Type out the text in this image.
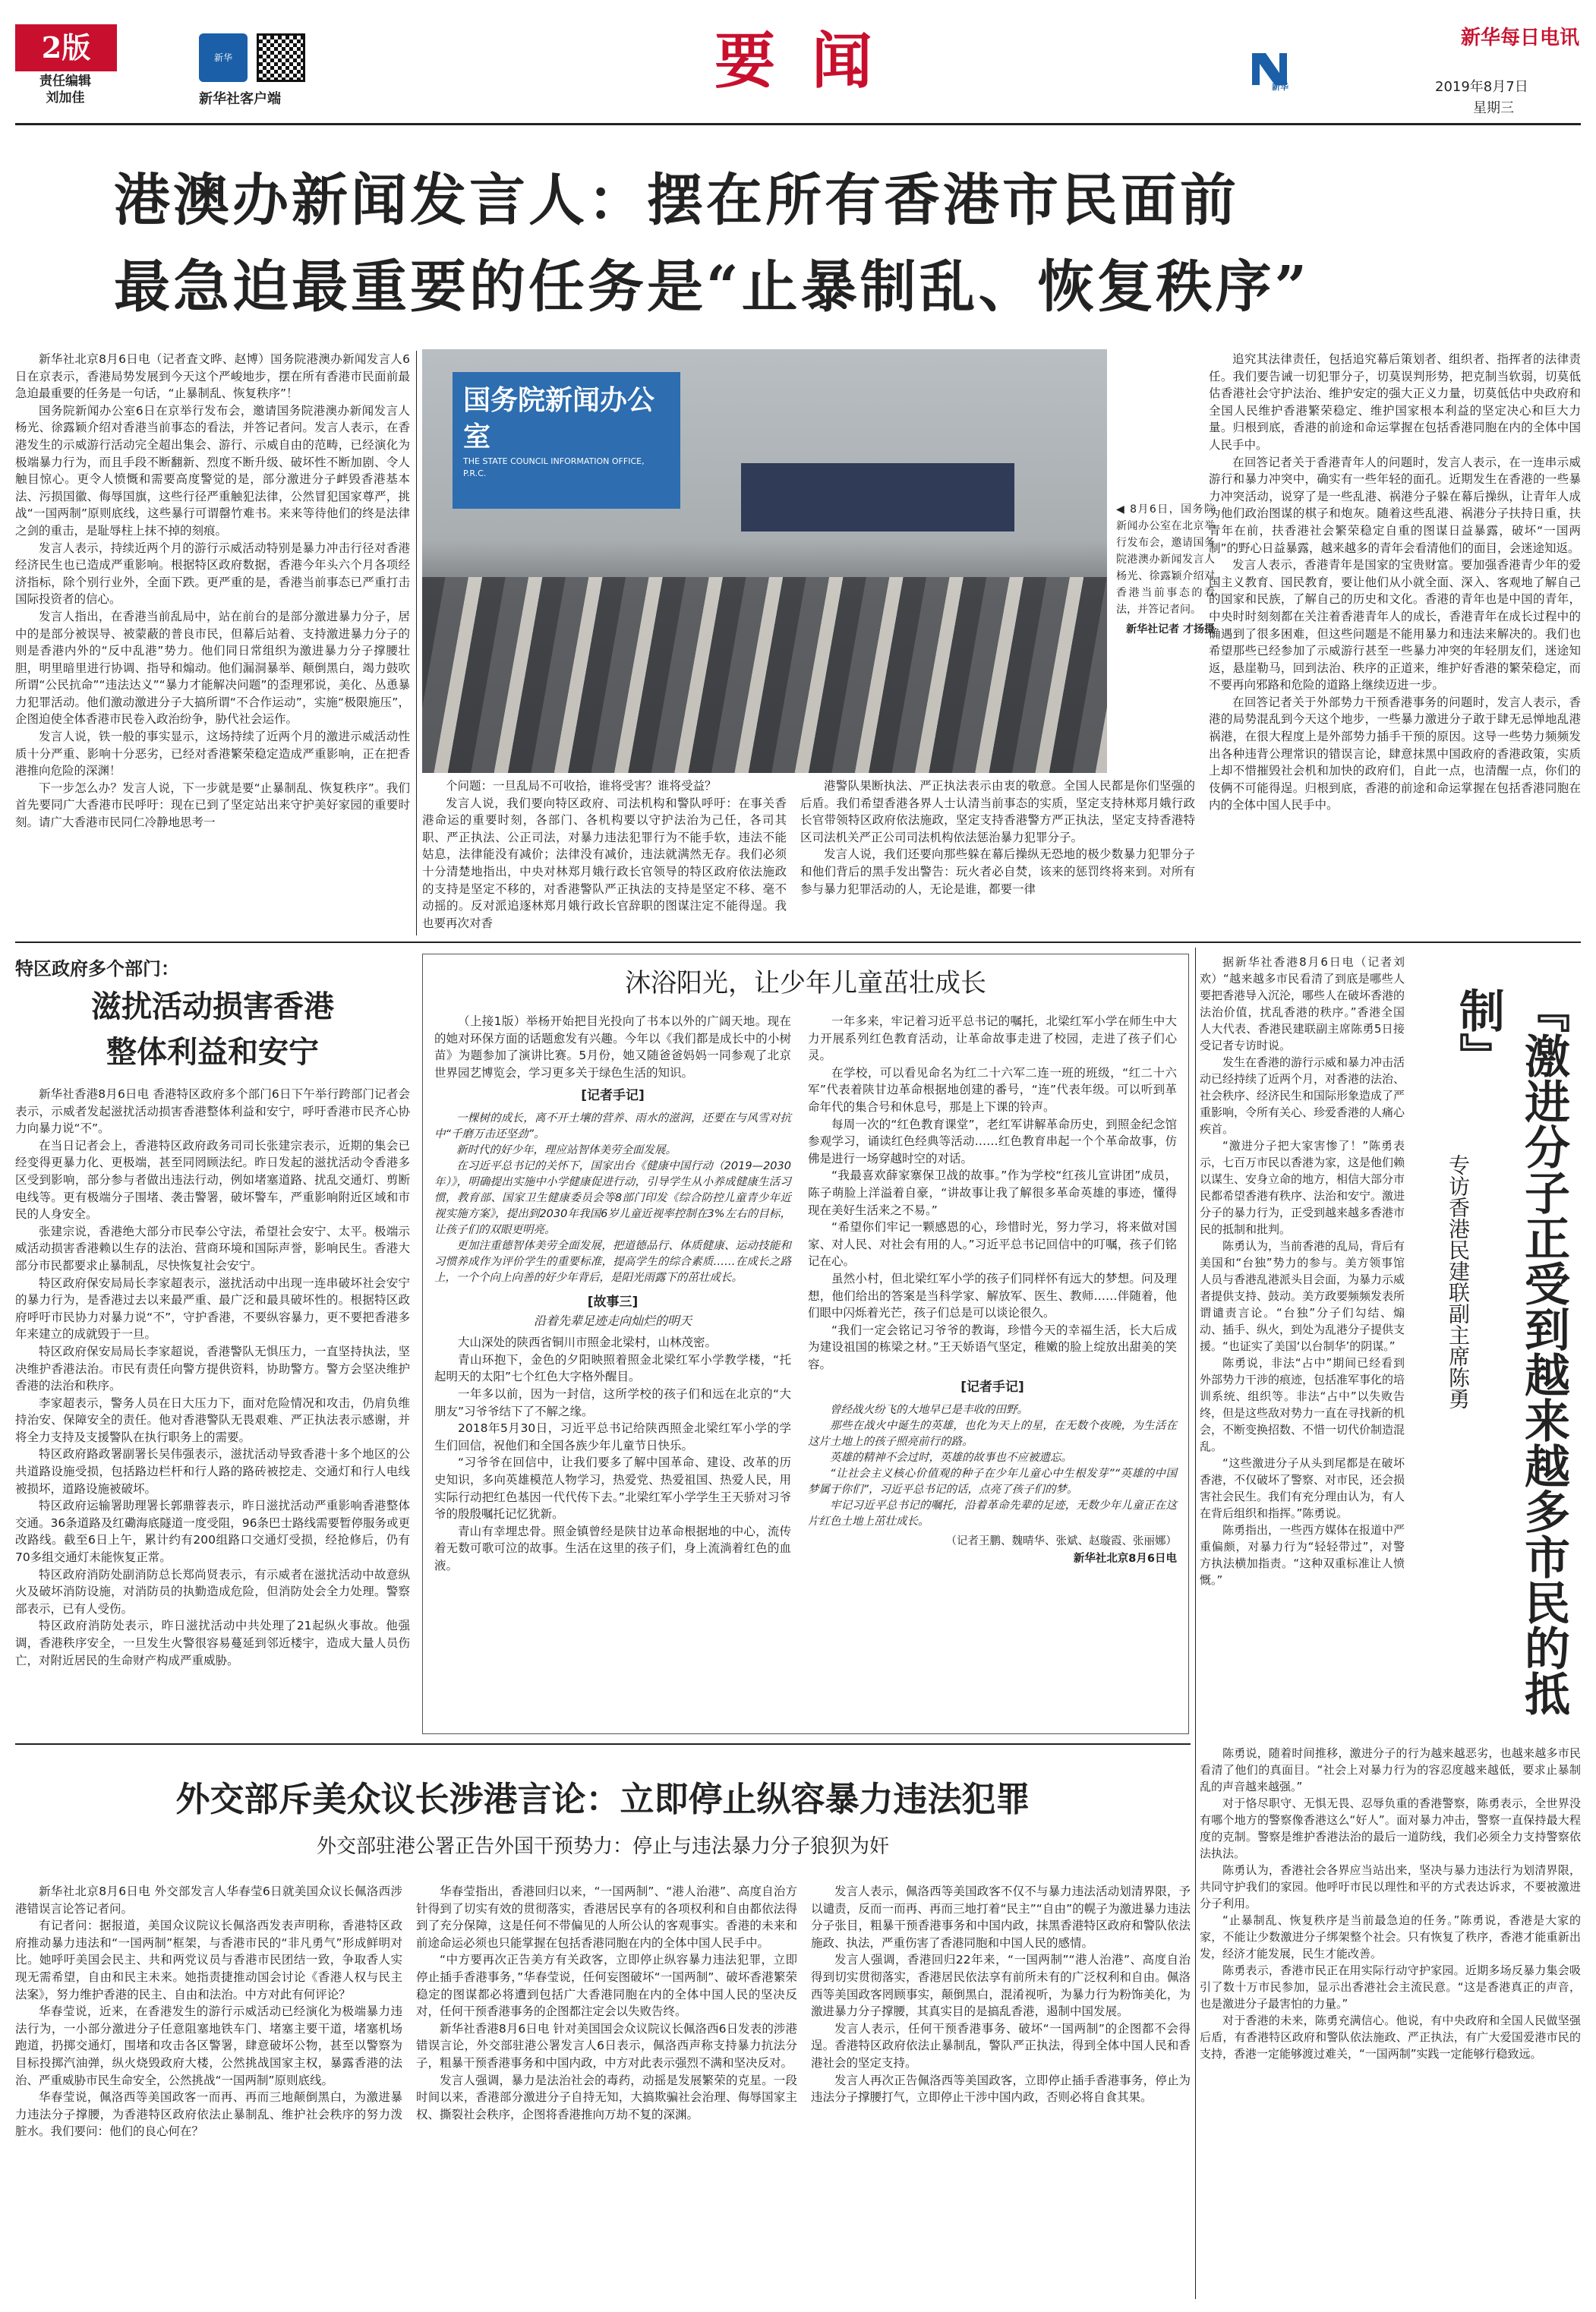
2版
责任编辑
刘加佳
新华
新华社客户端
要 闻	新华
新华每日电讯
2019年8月7日
星期三
港澳办新闻发言人：摆在所有香港市民面前
最急迫最重要的任务是“止暴制乱、恢复秩序”

新华社北京8月6日电（记者査文晔、赵博）国务院港澳办新闻发言人6日在京表示，香港局势发展到今天这个严峻地步，摆在所有香港市民面前最急迫最重要的任务是一句话，“止暴制乱、恢复秩序”！

国务院新闻办公室6日在京举行发布会，邀请国务院港澳办新闻发言人杨光、徐露颖介绍对香港当前事态的看法，并答记者问。发言人表示，在香港发生的示威游行活动完全超出集会、游行、示威自由的范畴，已经演化为极端暴力行为，而且手段不断翻新、烈度不断升级、破坏性不断加剧、令人触目惊心。更令人愤慨和需要高度警觉的是，部分激进分子衅毁香港基本法、污损国徽、侮辱国旗，这些行径严重触犯法律，公然冒犯国家尊严，挑战“一国两制”原则底线，这些暴行可谓罄竹难书。来来等待他们的终是法律之剑的重击，是耻辱柱上抹不掉的刻痕。

发言人表示，持续近两个月的游行示威活动特别是暴力冲击行径对香港经济民生也已造成严重影响。根据特区政府数据，香港今年头六个月各项经济指标，除个别行业外，全面下跌。更严重的是，香港当前事态已严重打击国际投资者的信心。

发言人指出，在香港当前乱局中，站在前台的是部分激进暴力分子，居中的是部分被误导、被蒙蔽的普良市民，但幕后站着、支持激进暴力分子的则是香港内外的“反中乱港”势力。他们同日常组织为激进暴力分子撑腰壮胆，明里暗里进行协调、指导和煽动。他们漏洞暴举、颠倒黑白，竭力鼓吹所谓“公民抗命”“违法达义”“暴力才能解决问题”的歪理邪说，美化、丛恿暴力犯罪活动。他们激动激进分子大搞所谓“不合作运动”，实施“极限施压”，企图迫使全体香港市民卷入政治纷争，胁代社会运作。

发言人说，铁一般的事实显示，这场持续了近两个月的激进示威活动性质十分严重、影响十分恶劣，已经对香港繁荣稳定造成严重影响，正在把香港推向危险的深渊！

下一步怎么办？发言人说，下一步就是要“止暴制乱、恢复秩序”。我们首先要同广大香港市民呼吁：现在已到了坚定站出来守护美好家园的重要时刻。请广大香港市民同仁冷静地思考一

国务院新闻办公室
THE STATE COUNCIL INFORMATION OFFICE, P.R.C.
◀ 8月6日，国务院新闻办公室在北京举行发布会，邀请国务院港澳办新闻发言人杨光、徐露颖介绍对香港当前事态的看法，并答记者问。
新华社记者 才扬摄

个问题：一旦乱局不可收拾，谁将受害？谁将受益？

发言人说，我们要向特区政府、司法机构和警队呼吁：在事关香港命运的重要时刻，各部门、各机构要以守护法治为己任，各司其职、严正执法、公正司法，对暴力违法犯罪行为不能手软，违法不能姑息，法律能没有减价；法律没有减价，违法就满然无存。我们必须十分清楚地指出，中央对林郑月娥行政长官领导的特区政府依法施政的支持是坚定不移的，对香港警队严正执法的支持是坚定不移、毫不动摇的。反对派追逐林郑月娥行政长官辞职的图谋注定不能得逞。我也要再次对香

港警队果断执法、严正执法表示由衷的敬意。全国人民都是你们坚强的后盾。我们希望香港各界人士认清当前事态的实质，坚定支持林郑月娥行政长官带领特区政府依法施政，坚定支持香港警方严正执法，坚定支持香港特区司法机关严正公司司法机构依法惩治暴力犯罪分子。

发言人说，我们还要向那些躲在幕后操纵无恐地的极少数暴力犯罪分子和他们背后的黑手发出警告：玩火者必自焚，该来的惩罚终将来到。对所有参与暴力犯罪活动的人，无论是谁，都要一律

追究其法律责任，包括追究幕后策划者、组织者、指挥者的法律责任。我们要告诫一切犯罪分子，切莫误判形势，把克制当软弱，切莫低估香港社会守护法治、维护安定的强大正义力量，切莫低估中央政府和全国人民维护香港繁荣稳定、维护国家根本利益的坚定决心和巨大力量。归根到底，香港的前途和命运掌握在包括香港同胞在内的全体中国人民手中。

在回答记者关于香港青年人的问题时，发言人表示，在一连串示威游行和暴力冲突中，确实有一些年轻的面孔。近期发生在香港的一些暴力冲突活动，说穿了是一些乱港、祸港分子躲在幕后操纵，让青年人成为他们政治图谋的棋子和炮灰。随着这些乱港、祸港分子扶持日重，扶青年在前，扶香港社会繁荣稳定自重的图谋日益暴露，破坏“一国两制”的野心日益暴露，越来越多的青年会看清他们的面目，会迷途知返。

发言人表示，香港青年是国家的宝贵财富。要加强香港青少年的爱国主义教育、国民教育，要让他们从小就全面、深入、客观地了解自己的国家和民族，了解自己的历史和文化。香港的青年也是中国的青年，中央时时刻刻都在关注着香港青年人的成长，香港青年在成长过程中的确遇到了很多困难，但这些问题是不能用暴力和违法来解决的。我们也希望那些已经参加了示威游行甚至一些暴力冲突的年轻朋友们，迷途知返，悬崖勒马，回到法治、秩序的正道来，维护好香港的繁荣稳定，而不要再向邪路和危险的道路上继续迈进一步。

在回答记者关于外部势力干预香港事务的问题时，发言人表示，香港的局势混乱到今天这个地步，一些暴力激进分子敢于肆无忌惮地乱港祸港，在很大程度上是外部势力插手干预的原因。这导一些势力频频发出各种违背公理常识的错误言论，肆意抹黑中国政府的香港政策，实质上却不惜摧毁社会机和加快的政府们，自此一点，也清醒一点，你们的伎俩不可能得逞。归根到底，香港的前途和命运掌握在包括香港同胞在内的全体中国人民手中。

特区政府多个部门：
滋扰活动损害香港
整体利益和安宁

新华社香港8月6日电 香港特区政府多个部门6日下午举行跨部门记者会表示，示威者发起滋扰活动损害香港整体利益和安宁，呼吁香港市民齐心协力向暴力说“不”。

在当日记者会上，香港特区政府政务司司长张建宗表示，近期的集会已经变得更暴力化、更极端，甚至同罔顾法纪。昨日发起的滋扰活动令香港多区受到影响，部分参与者做出违法行动，例如堵塞道路、扰乱交通灯、剪断电线等。更有极端分子围堵、袭击警署，破坏警车，严重影响附近区域和市民的人身安全。

张建宗说，香港绝大部分市民奉公守法，希望社会安宁、太平。极端示威活动损害香港赖以生存的法治、营商环境和国际声誉，影响民生。香港大部分市民都要求止暴制乱，尽快恢复社会安宁。

特区政府保安局局长李家超表示，滋扰活动中出现一连串破坏社会安宁的暴力行为，是香港过去以来最严重、最广泛和最具破坏性的。根据特区政府呼吁市民协力对暴力说“不”，守护香港，不要纵容暴力，更不要把香港多年来建立的成就毁于一旦。

特区政府保安局局长李家超说，香港警队无惧压力，一直坚持执法，坚决维护香港法治。市民有责任向警方提供资料，协助警方。警方会坚决维护香港的法治和秩序。

李家超表示，警务人员在日大压力下，面对危险情况和攻击，仍肩负维持治安、保障安全的责任。他对香港警队无畏艰难、严正执法表示感谢，并将全力支持及支援警队在执行职务上的需要。

特区政府路政署副署长吴伟强表示，滋扰活动导致香港十多个地区的公共道路设施受损，包括路边栏杆和行人路的路砖被挖走、交通灯和行人电线被损坏，道路设施被破坏。

特区政府运输署助理署长郭鼎蓉表示，昨日滋扰活动严重影响香港整体交通。36条道路及红磡海底隧道一度受阻，96条巴士路线需要暂停服务或更改路线。截至6日上午，累计约有200组路口交通灯受损，经抢修后，仍有70多组交通灯未能恢复正常。

特区政府消防处副消防总长郑尚贤表示，有示威者在滋扰活动中故意纵火及破坏消防设施，对消防员的执勤造成危险，但消防处会全力处理。警察部表示，已有人受伤。

特区政府消防处表示，昨日滋扰活动中共处理了21起纵火事故。他强调，香港秩序安全，一旦发生火警很容易蔓延到邻近楼宇，造成大量人员伤亡，对附近居民的生命财产构成严重威胁。

沐浴阳光，让少年儿童茁壮成长

（上接1版）举杨开始把目光投向了书本以外的广阔天地。现在的她对环保方面的话题愈发有兴趣。今年以《我们都是成长中的小树苗》为题参加了演讲比赛。5月份，她又随爸爸妈妈一同参观了北京世界园艺博览会，学习更多关于绿色生活的知识。

[记者手记]

一棵树的成长，离不开土壤的营养、雨水的滋润，还要在与风雪对抗中“千磨万击还坚劲”。

新时代的好少年，理应站智体美劳全面发展。

在习近平总书记的关怀下，国家出台《健康中国行动（2019—2030年）》，明确提出实施中小学健康促进行动，引导学生从小养成健康生活习惯，教育部、国家卫生健康委员会等8部门印发《综合防控儿童青少年近视实施方案》，提出到2030年我国6岁儿童近视率控制在3%左右的目标，让孩子们的双眼更明亮。

更加注重德智体美劳全面发展，把道德品行、体质健康、运动技能和习惯养成作为评价学生的重要标准，提高学生的综合素质……在成长之路上，一个个向上向善的好少年背后，是阳光雨露下的茁壮成长。

[故事三]
沿着先辈足迹走向灿烂的明天

大山深处的陕西省铜川市照金北梁村，山林茂密。

青山环抱下，金色的夕阳映照着照金北梁红军小学教学楼，“托起明天的太阳”七个红色大字格外醒目。

一年多以前，因为一封信，这所学校的孩子们和远在北京的“大朋友”习爷爷结下了不解之缘。

2018年5月30日，习近平总书记给陕西照金北梁红军小学的学生们回信，祝他们和全国各族少年儿童节日快乐。

“习爷爷在回信中，让我们要多了解中国革命、建设、改革的历史知识，多向英雄模范人物学习，热爱党、热爱祖国、热爱人民，用实际行动把红色基因一代代传下去。”北梁红军小学学生王天骄对习爷爷的殷殷嘱托记忆犹新。

青山有幸埋忠骨。照金镇曾经是陕甘边革命根据地的中心，流传着无数可歌可泣的故事。生活在这里的孩子们，身上流淌着红色的血液。

一年多来，牢记着习近平总书记的嘱托，北梁红军小学在师生中大力开展系列红色教育活动，让革命故事走进了校园，走进了孩子们心灵。

在学校，可以看见命名为红二十六军二连一班的班级，“红二十六军”代表着陕甘边革命根据地创建的番号，“连”代表年级。可以听到革命年代的集合号和休息号，那是上下课的铃声。

每周一次的“红色教育课堂”，老红军讲解革命历史，到照金纪念馆参观学习，诵读红色经典等活动……红色教育串起一个个革命故事，仿佛是进行一场穿越时空的对话。

“我最喜欢薛家寨保卫战的故事。”作为学校“红孩儿宣讲团”成员，陈子萌脸上洋溢着自豪，“讲故事让我了解很多革命英雄的事迹，懂得现在美好生活来之不易。”

“希望你们牢记一颗感恩的心，珍惜时光，努力学习，将来做对国家、对人民、对社会有用的人。”习近平总书记回信中的叮嘱，孩子们铭记在心。

虽然小村，但北梁红军小学的孩子们同样怀有远大的梦想。问及理想，他们给出的答案是当科学家、解放军、医生、教师……伴随着，他们眼中闪烁着光芒，孩子们总是可以谈论很久。

“我们一定会铭记习爷爷的教诲，珍惜今天的幸福生活，长大后成为建设祖国的栋梁之材。”王天娇语气坚定，稚嫩的脸上绽放出甜美的笑容。

[记者手记]

曾经战火纷飞的大地早已是丰收的田野。

那些在战火中诞生的英雄，也化为天上的星，在无数个夜晚，为生活在这片土地上的孩子照亮前行的路。

英雄的精神不会过时，英雄的故事也不应被遗忘。

“让社会主义核心价值观的种子在少年儿童心中生根发芽”“英雄的中国梦属于你们”，习近平总书记的话，点亮了孩子们的梦。

牢记习近平总书记的嘱托，沿着革命先辈的足迹，无数少年儿童正在这片红色土地上茁壮成长。

（记者王鹏、魏晴华、张斌、赵璇霞、张丽娜）
新华社北京8月6日电

据新华社香港8月6日电（记者刘欢）“越来越多市民看清了到底是哪些人要把香港导入沉沦，哪些人在破坏香港的法治价值，扰乱香港的秩序。”香港全国人大代表、香港民建联副主席陈勇5日接受记者专访时说。

发生在香港的游行示威和暴力冲击活动已经持续了近两个月，对香港的法治、社会秩序、经济民生和国际形象造成了严重影响，令所有关心、珍爱香港的人痛心疾首。

“激进分子把大家害惨了！”陈勇表示，七百万市民以香港为家，这是他们赖以谋生、安身立命的地方，相信大部分市民都希望香港有秩序、法治和安宁。激进分子的暴力行为，正受到越来越多香港市民的抵制和批判。

陈勇认为，当前香港的乱局，背后有美国和“台独”势力的参与。美方领事馆人员与香港乱港派头目会面，为暴力示威者提供支持、鼓动。美方政要频频发表所谓谴责言论。“台独”分子们勾结、煽动、插手、纵火，到处为乱港分子提供支援。“也证实了美国‘以台制华’的阴谋。”

陈勇说，非法“占中”期间已经看到外部势力干涉的痕迹，包括准军事化的培训系统、组织等。非法“占中”以失败告终，但是这些敌对势力一直在寻找新的机会，不断变换招数、不惜一切代价制造混乱。

“这些激进分子从头到尾都是在破坏香港，不仅破坏了警察、对市民，还会损害社会民生。我们有充分理由认为，有人在背后组织和指挥。”陈勇说。

陈勇指出，一些西方媒体在报道中严重偏颇，对暴力行为“轻轻带过”，对警方执法横加指责。“这种双重标准让人愤慨。”	『激进分子正受到越来越多市民的抵制』
专访香港民建联副主席陈勇

陈勇说，随着时间推移，激进分子的行为越来越恶劣，也越来越多市民看清了他们的真面目。“社会上对暴力行为的容忍度越来越低，要求止暴制乱的声音越来越强。”

对于恪尽职守、无惧无畏、忍辱负重的香港警察，陈勇表示，全世界没有哪个地方的警察像香港这么“好人”。面对暴力冲击，警察一直保持最大程度的克制。警察是维护香港法治的最后一道防线，我们必须全力支持警察依法执法。

陈勇认为，香港社会各界应当站出来，坚决与暴力违法行为划清界限，共同守护我们的家园。他呼吁市民以理性和平的方式表达诉求，不要被激进分子利用。

“止暴制乱、恢复秩序是当前最急迫的任务。”陈勇说，香港是大家的家，不能让少数激进分子绑架整个社会。只有恢复了秩序，香港才能重新出发，经济才能发展，民生才能改善。

陈勇表示，香港市民正在用实际行动守护家园。近期多场反暴力集会吸引了数十万市民参加，显示出香港社会主流民意。“这是香港真正的声音，也是激进分子最害怕的力量。”

对于香港的未来，陈勇充满信心。他说，有中央政府和全国人民做坚强后盾，有香港特区政府和警队依法施政、严正执法，有广大爱国爱港市民的支持，香港一定能够渡过难关，“一国两制”实践一定能够行稳致远。

外交部斥美众议长涉港言论：立即停止纵容暴力违法犯罪
外交部驻港公署正告外国干预势力：停止与违法暴力分子狼狈为奸

新华社北京8月6日电 外交部发言人华春莹6日就美国众议长佩洛西涉港错误言论答记者问。

有记者问：据报道，美国众议院议长佩洛西发表声明称，香港特区政府推动暴力违法和“一国两制”框架，与香港市民的“非凡勇气”形成鲜明对比。她呼吁美国会民主、共和两党议员与香港市民团结一致，争取香人实现无需希望，自由和民主未来。她指责捷推动国会讨论《香港人权与民主法案》，努力维护香港的民主、自由和法治。中方对此有何评论？

华春莹说，近来，在香港发生的游行示威活动已经演化为极端暴力违法行为，一小部分激进分子任意阻塞地铁车门、堵塞主要干道，堵塞机场跑道，扔掷交通灯，围堵和攻击各区警署，肆意破坏公物，甚至以警察为目标投掷汽油弹，纵火烧毁政府大楼，公然挑战国家主权，暴露香港的法治、严重威胁市民生命安全，公然挑战“一国两制”原则底线。

华春莹说，佩洛西等美国政客一而再、再而三地颠倒黑白，为激进暴力违法分子撑腰，为香港特区政府依法止暴制乱、维护社会秩序的努力泼脏水。我们要问：他们的良心何在？

华春莹指出，香港回归以来，“一国两制”、“港人治港”、高度自治方针得到了切实有效的贯彻落实，香港居民享有的各项权利和自由都依法得到了充分保障，这是任何不带偏见的人所公认的客观事实。香港的未来和前途命运必须也只能掌握在包括香港同胞在内的全体中国人民手中。

“中方要再次正告美方有关政客，立即停止纵容暴力违法犯罪，立即停止插手香港事务，”华春莹说，任何妄图破坏“一国两制”、破坏香港繁荣稳定的图谋都必将遭到包括广大香港同胞在内的全体中国人民的坚决反对，任何干预香港事务的企图都注定会以失败告终。

新华社香港8月6日电 针对美国国会众议院议长佩洛西6日发表的涉港错误言论，外交部驻港公署发言人6日表示，佩洛西声称支持暴力抗法分子，粗暴干预香港事务和中国内政，中方对此表示强烈不满和坚决反对。

发言人强调，暴力是法治社会的毒药，动摇是发展繁荣的克星。一段时间以来，香港部分激进分子自持无知，大搞欺骗社会治理、侮辱国家主权、撕裂社会秩序，企图将香港推向万劫不复的深渊。

发言人表示，佩洛西等美国政客不仅不与暴力违法活动划清界限，予以谴责，反而一而再、再而三地打着“民主”“自由”的幌子为激进暴力违法分子张目，粗暴干预香港事务和中国内政，抹黑香港特区政府和警队依法施政、执法，严重伤害了香港同胞和中国人民的感情。

发言人强调，香港回归22年来，“一国两制”“港人治港”、高度自治得到切实贯彻落实，香港居民依法享有前所未有的广泛权利和自由。佩洛西等美国政客罔顾事实，颠倒黑白，混淆视听，为暴力行为粉饰美化，为激进暴力分子撑腰，其真实目的是搞乱香港，遏制中国发展。

发言人表示，任何干预香港事务、破坏“一国两制”的企图都不会得逞。香港特区政府依法止暴制乱，警队严正执法，得到全体中国人民和香港社会的坚定支持。

发言人再次正告佩洛西等美国政客，立即停止插手香港事务，停止为违法分子撑腰打气，立即停止干涉中国内政，否则必将自食其果。
